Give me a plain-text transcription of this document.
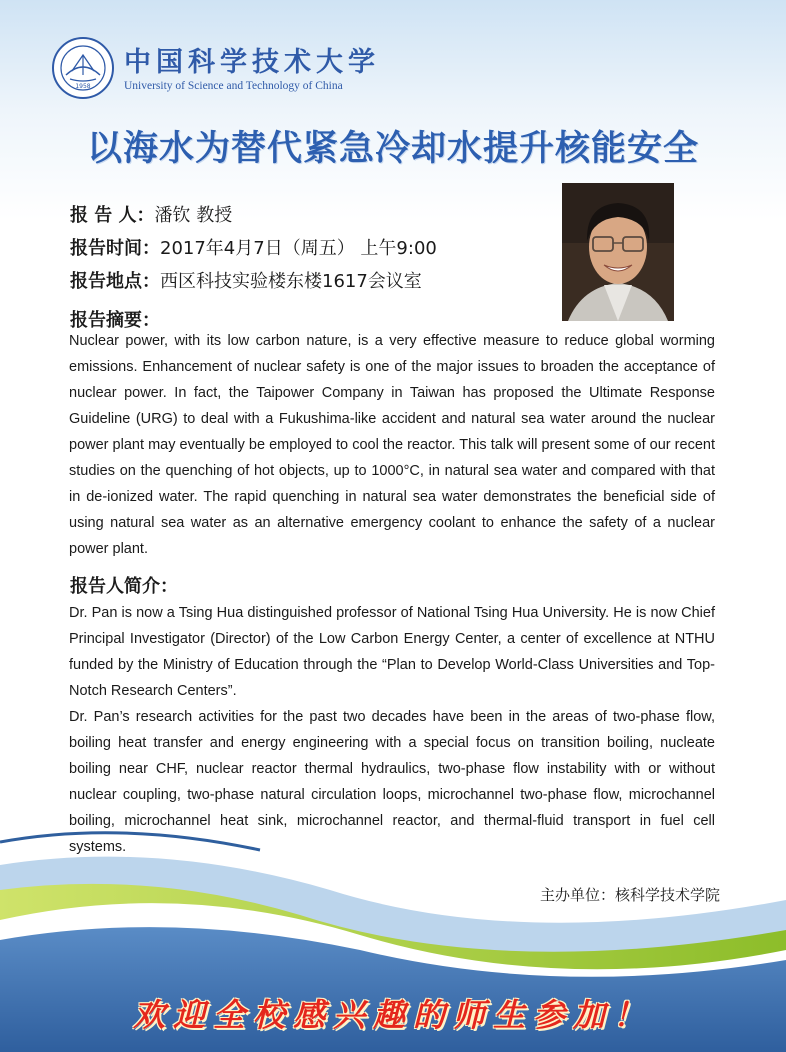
1958
中国科学技术大学
University of Science and Technology of China
以海水为替代紧急冷却水提升核能安全
报 告 人：潘钦 教授
报告时间：2017年4月7日（周五） 上午9:00
报告地点：西区科技实验楼东楼1617会议室
报告摘要：

Nuclear power, with its low carbon nature, is a very effective measure to reduce global worming emissions. Enhancement of nuclear safety is one of the major issues to broaden the acceptance of nuclear power. In fact, the Taipower Company in Taiwan has proposed the Ultimate Response Guideline (URG) to deal with a Fukushima-like accident and natural sea water around the nuclear power plant may eventually be employed to cool the reactor. This talk will present some of our recent studies on the quenching of hot objects, up to 1000°C, in natural sea water and compared with that in de-ionized water. The rapid quenching in natural sea water demonstrates the beneficial side of using natural sea water as an alternative emergency coolant to enhance the safety of a nuclear power plant.

报告人简介：

Dr. Pan is now a Tsing Hua distinguished professor of National Tsing Hua University. He is now Chief Principal Investigator (Director) of the Low Carbon Energy Center, a center of excellence at NTHU funded by the Ministry of Education through the “Plan to Develop World-Class Universities and Top-Notch Research Centers”.

Dr. Pan’s research activities for the past two decades have been in the areas of two-phase flow, boiling heat transfer and energy engineering with a special focus on transition boiling, nucleate boiling near CHF, nuclear reactor thermal hydraulics, two-phase flow instability with or without nuclear coupling, two-phase natural circulation loops, microchannel two-phase flow, microchannel boiling, microchannel heat sink, microchannel reactor, and thermal-fluid transport in fuel cell systems.

主办单位：核科学技术学院
欢迎全校感兴趣的师生参加！
